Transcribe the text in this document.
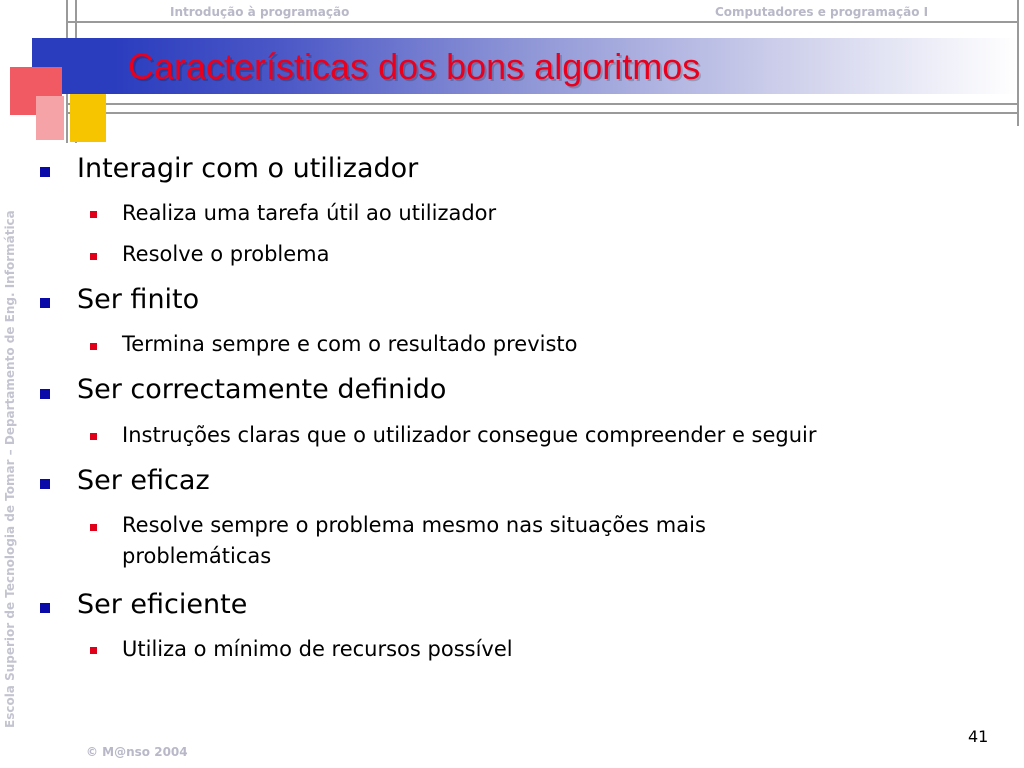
Introdução à programação	Computadores e programação I
Características dos bons algoritmos
Escola Superior de Tecnologia de Tomar – Departamento de Eng. Informática
Interagir com o utilizador
Realiza uma tarefa útil ao utilizador
Resolve o problema
Ser finito
Termina sempre e com o resultado previsto
Ser correctamente definido
Instruções claras que o utilizador consegue compreender e seguir
Ser eficaz
Resolve sempre o problema mesmo nas situações mais problemáticas
Ser eficiente
Utiliza o mínimo de recursos possível
© M@nso 2004
41
